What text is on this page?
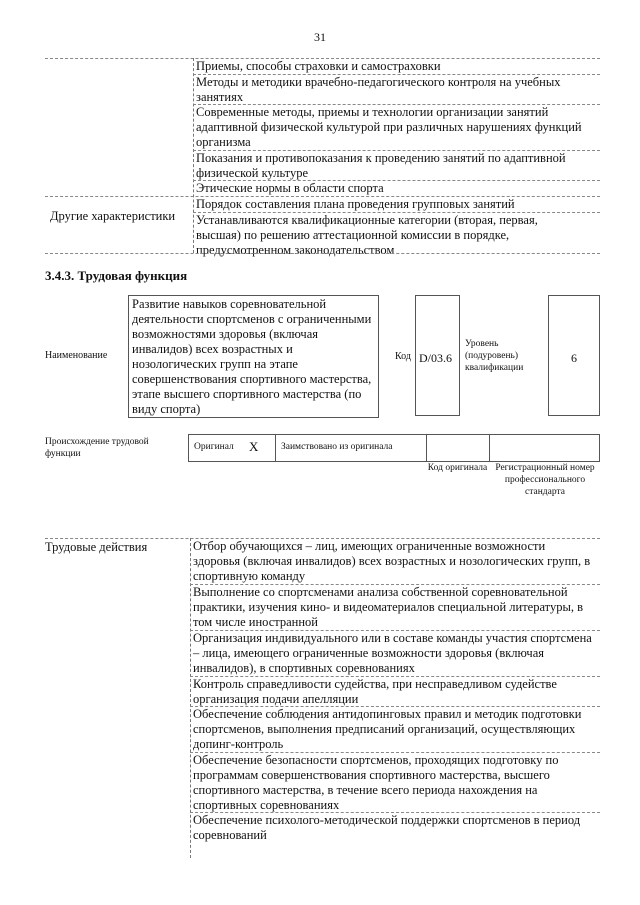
31
Приемы, способы страховки и самостраховки
Методы и методики врачебно-педагогического контроля на учебных занятиях
Современные методы, приемы и технологии организации занятий адаптивной физической культурой при различных нарушениях функций организма
Показания и противопоказания к проведению занятий по адаптивной физической культуре
Этические нормы в области спорта
Другие характеристики
Порядок составления плана проведения групповых занятий
Устанавливаются квалификационные категории (вторая, первая, высшая) по решению аттестационной комиссии в порядке, предусмотренном законодательством
3.4.3. Трудовая функция
Наименование
Развитие навыков соревновательной деятельности спортсменов с ограниченными возможностями здоровья (включая инвалидов) всех возрастных и нозологических групп на этапе совершенствования спортивного мастерства, этапе высшего спортивного мастерства (по виду спорта)
Код D/03.6
Уровень (подуровень) квалификации
6
Происхождение трудовой функции
Оригинал X Заимствовано из оригинала
Код оригинала Регистрационный номер профессионального стандарта
Трудовые действия	Отбор обучающихся – лиц, имеющих ограниченные возможности здоровья (включая инвалидов) всех возрастных и нозологических групп, в спортивную команду
Выполнение со спортсменами анализа собственной соревновательной практики, изучения кино- и видеоматериалов специальной литературы, в том числе иностранной
Организация индивидуального или в составе команды участия спортсмена – лица, имеющего ограниченные возможности здоровья (включая инвалидов), в спортивных соревнованиях
Контроль справедливости судейства, при несправедливом судействе организация подачи апелляции
Обеспечение соблюдения антидопинговых правил и методик подготовки спортсменов, выполнения предписаний организаций, осуществляющих допинг-контроль
Обеспечение безопасности спортсменов, проходящих подготовку по программам совершенствования спортивного мастерства, высшего спортивного мастерства, в течение всего периода нахождения на спортивных соревнованиях
Обеспечение психолого-методической поддержки спортсменов в период соревнований
